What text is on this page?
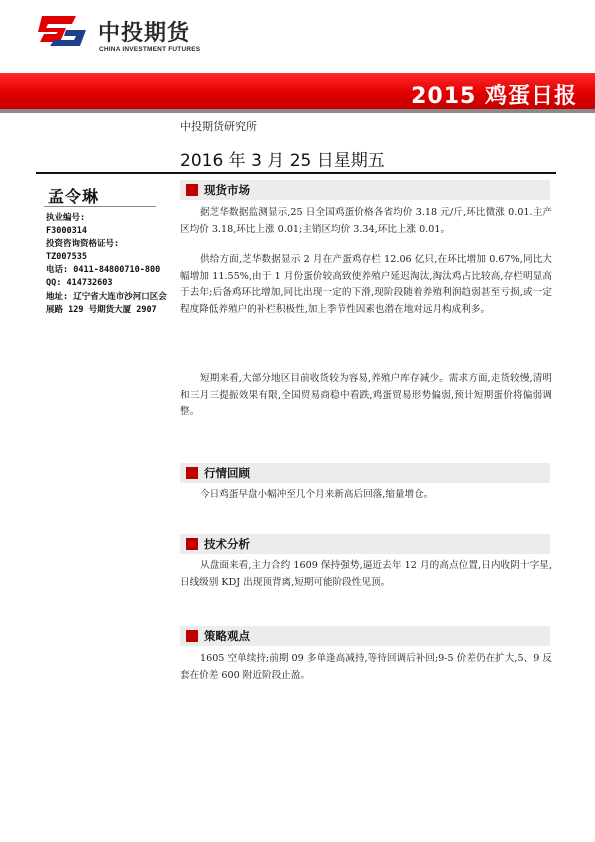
中投期货
CHINA INVESTMENT FUTURES
2015 鸡蛋日报
中投期货研究所
2016 年 3 月 25 日星期五
孟令琳
执业编号:
F3000314
投资咨询资格证号:
TZ007535
电话: 0411-84800710-800
QQ: 414732603
地址: 辽宁省大连市沙河口区会展路 129 号期货大厦 2907
现货市场

据芝华数据监测显示,25 日全国鸡蛋价格各省均价 3.18 元/斤,环比微涨 0.01.主产区均价 3.18,环比上涨 0.01;主销区均价 3.34,环比上涨 0.01。

供给方面,芝华数据显示 2 月在产蛋鸡存栏 12.06 亿只,在环比增加 0.67%,同比大幅增加 11.55%,由于 1 月份蛋价较高致使养殖户延迟淘汰,淘汰鸡占比较高,存栏明显高于去年;后备鸡环比增加,同比出现一定的下滑,现阶段随着养殖利润趋弱甚至亏损,或一定程度降低养殖户的补栏积极性,加上季节性因素也潜在地对远月构成利多。

短期来看,大部分地区目前收货较为容易,养殖户库存减少。需求方面,走货较慢,清明和三月三提振效果有限,全国贸易商稳中看跌,鸡蛋贸易形势偏弱,预计短期蛋价将偏弱调整。

行情回顾

今日鸡蛋早盘小幅冲至几个月来新高后回落,缩量增仓。

技术分析

从盘面来看,主力合约 1609 保持强势,逼近去年 12 月的高点位置,日内收阴十字星,日线级别 KDJ 出现顶背离,短期可能阶段性见顶。

策略观点

1605 空单续持;前期 09 多单逢高减持,等待回调后补回;9-5 价差仍在扩大,5、9 反套在价差 600 附近阶段止盈。
